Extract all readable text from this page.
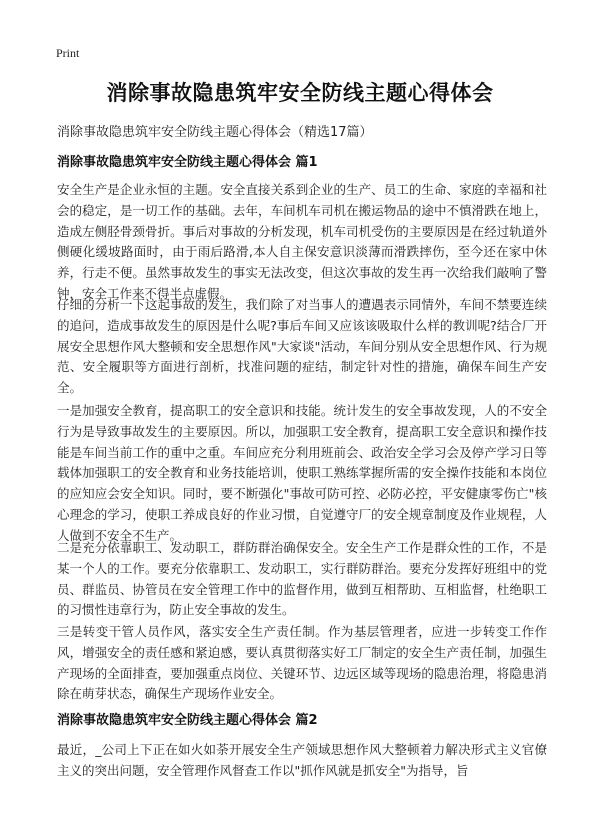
Print
消除事故隐患筑牢安全防线主题心得体会

消除事故隐患筑牢安全防线主题心得体会（精选17篇）

消除事故隐患筑牢安全防线主题心得体会 篇1

安全生产是企业永恒的主题。安全直接关系到企业的生产、员工的生命、家庭的幸福和社会的稳定，是一切工作的基础。去年，车间机车司机在搬运物品的途中不慎滑跌在地上，造成左侧胫骨颈骨折。事后对事故的分析发现，机车司机受伤的主要原因是在经过轨道外侧硬化缓坡路面时，由于雨后路滑,本人自主保安意识淡薄而滑跌摔伤，至今还在家中休养，行走不便。虽然事故发生的事实无法改变，但这次事故的发生再一次给我们敲响了警钟，安全工作来不得半点虚假。

仔细的分析一下这起事故的发生，我们除了对当事人的遭遇表示同情外，车间不禁要连续的追问，造成事故发生的原因是什么呢?事后车间又应该该吸取什么样的教训呢?结合厂开展安全思想作风大整顿和安全思想作风"大家谈"活动，车间分别从安全思想作风、行为规范、安全履职等方面进行剖析，找准问题的症结，制定针对性的措施，确保车间生产安全。

一是加强安全教育，提高职工的安全意识和技能。统计发生的安全事故发现，人的不安全行为是导致事故发生的主要原因。所以，加强职工安全教育，提高职工安全意识和操作技能是车间当前工作的重中之重。车间应充分利用班前会、政治安全学习会及停产学习日等载体加强职工的安全教育和业务技能培训，使职工熟练掌握所需的安全操作技能和本岗位的应知应会安全知识。同时，要不断强化"事故可防可控、必防必控，平安健康零伤亡"核心理念的学习，使职工养成良好的作业习惯，自觉遵守厂的安全规章制度及作业规程，人人做到不安全不生产。

二是充分依靠职工、发动职工，群防群治确保安全。安全生产工作是群众性的工作，不是某一个人的工作。要充分依靠职工、发动职工，实行群防群治。要充分发挥好班组中的党员、群监员、协管员在安全管理工作中的监督作用，做到互相帮助、互相监督，杜绝职工的习惯性违章行为，防止安全事故的发生。

三是转变干管人员作风，落实安全生产责任制。作为基层管理者，应进一步转变工作作风，增强安全的责任感和紧迫感，要认真贯彻落实好工厂制定的安全生产责任制，加强生产现场的全面排查，要加强重点岗位、关键环节、边远区域等现场的隐患治理，将隐患消除在萌芽状态，确保生产现场作业安全。

消除事故隐患筑牢安全防线主题心得体会 篇2

最近，_公司上下正在如火如荼开展安全生产领域思想作风大整顿着力解决形式主义官僚主义的突出问题，安全管理作风督查工作以"抓作风就是抓安全"为指导，旨
